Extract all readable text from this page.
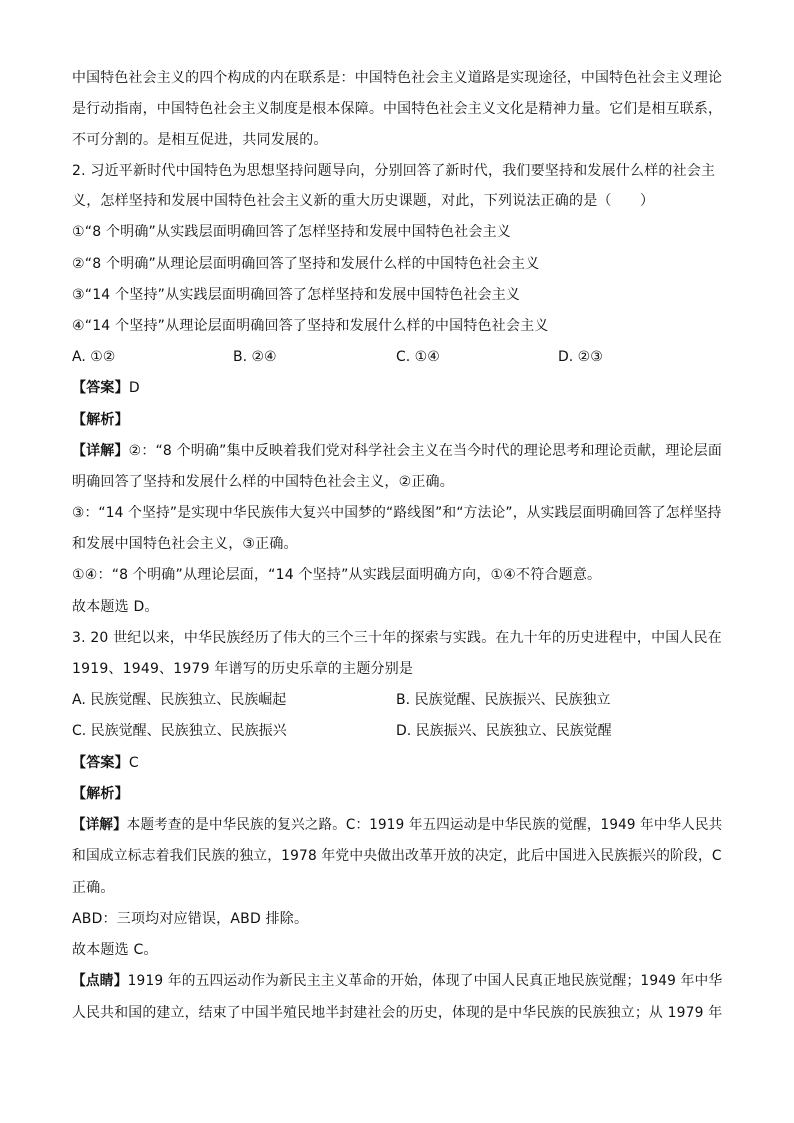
中国特色社会主义的四个构成的内在联系是：中国特色社会主义道路是实现途径，中国特色社会主义理论
是行动指南，中国特色社会主义制度是根本保障。中国特色社会主义文化是精神力量。它们是相互联系，
不可分割的。是相互促进，共同发展的。
2. 习近平新时代中国特色为思想坚持问题导向，分别回答了新时代，我们要坚持和发展什么样的社会主
义，怎样坚持和发展中国特色社会主义新的重大历史课题，对此，下列说法正确的是（　　）
①“8 个明确”从实践层面明确回答了怎样坚持和发展中国特色社会主义
②“8 个明确”从理论层面明确回答了坚持和发展什么样的中国特色社会主义
③“14 个坚持”从实践层面明确回答了怎样坚持和发展中国特色社会主义
④“14 个坚持”从理论层面明确回答了坚持和发展什么样的中国特色社会主义
A. ①②	B. ②④	C. ①④	D. ②③
【答案】D
【解析】
【详解】②：“8 个明确”集中反映着我们党对科学社会主义在当今时代的理论思考和理论贡献，理论层面
明确回答了坚持和发展什么样的中国特色社会主义，②正确。
③：“14 个坚持”是实现中华民族伟大复兴中国梦的“路线图”和“方法论”，从实践层面明确回答了怎样坚持
和发展中国特色社会主义，③正确。
①④：“8 个明确”从理论层面，“14 个坚持”从实践层面明确方向，①④不符合题意。
故本题选 D。
3. 20 世纪以来，中华民族经历了伟大的三个三十年的探索与实践。在九十年的历史进程中，中国人民在
1919、1949、1979 年谱写的历史乐章的主题分别是
A. 民族觉醒、民族独立、民族崛起	B. 民族觉醒、民族振兴、民族独立
C. 民族觉醒、民族独立、民族振兴	D. 民族振兴、民族独立、民族觉醒
【答案】C
【解析】
【详解】本题考查的是中华民族的复兴之路。C：1919 年五四运动是中华民族的觉醒，1949 年中华人民共
和国成立标志着我们民族的独立，1978 年党中央做出改革开放的决定，此后中国进入民族振兴的阶段，C
正确。
ABD：三项均对应错误，ABD 排除。
故本题选 C。
【点睛】1919 年的五四运动作为新民主主义革命的开始，体现了中国人民真正地民族觉醒；1949 年中华
人民共和国的建立，结束了中国半殖民地半封建社会的历史，体现的是中华民族的民族独立；从 1979 年
